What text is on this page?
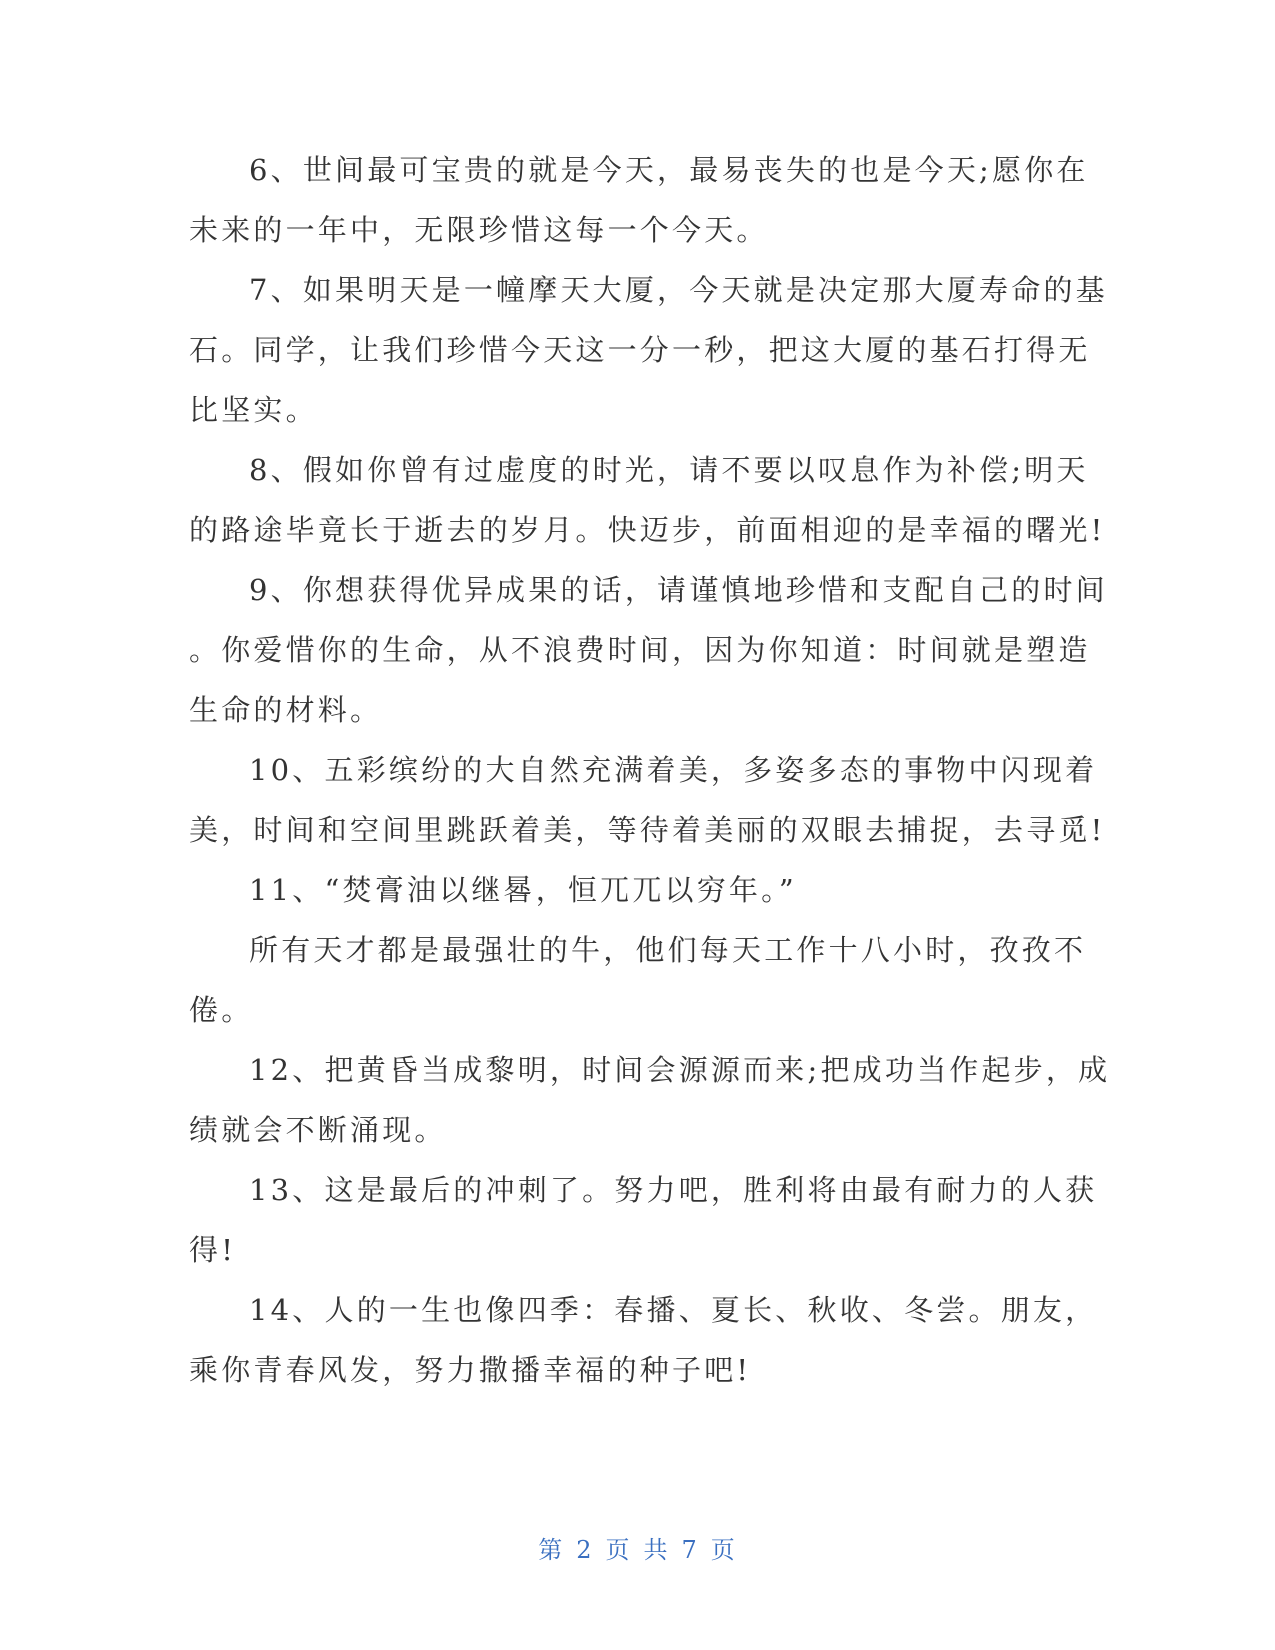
6、世间最可宝贵的就是今天，最易丧失的也是今天;愿你在
未来的一年中，无限珍惜这每一个今天。
7、如果明天是一幢摩天大厦，今天就是决定那大厦寿命的基
石。同学，让我们珍惜今天这一分一秒，把这大厦的基石打得无
比坚实。
8、假如你曾有过虚度的时光，请不要以叹息作为补偿;明天
的路途毕竟长于逝去的岁月。快迈步，前面相迎的是幸福的曙光!
9、你想获得优异成果的话，请谨慎地珍惜和支配自己的时间
。你爱惜你的生命，从不浪费时间，因为你知道：时间就是塑造
生命的材料。
10、五彩缤纷的大自然充满着美，多姿多态的事物中闪现着
美，时间和空间里跳跃着美，等待着美丽的双眼去捕捉，去寻觅!
11、“焚膏油以继晷，恒兀兀以穷年。”
所有天才都是最强壮的牛，他们每天工作十八小时，孜孜不
倦。
12、把黄昏当成黎明，时间会源源而来;把成功当作起步，成
绩就会不断涌现。
13、这是最后的冲刺了。努力吧，胜利将由最有耐力的人获
得!
14、人的一生也像四季：春播、夏长、秋收、冬尝。朋友，
乘你青春风发，努力撒播幸福的种子吧!
第 2 页 共 7 页
